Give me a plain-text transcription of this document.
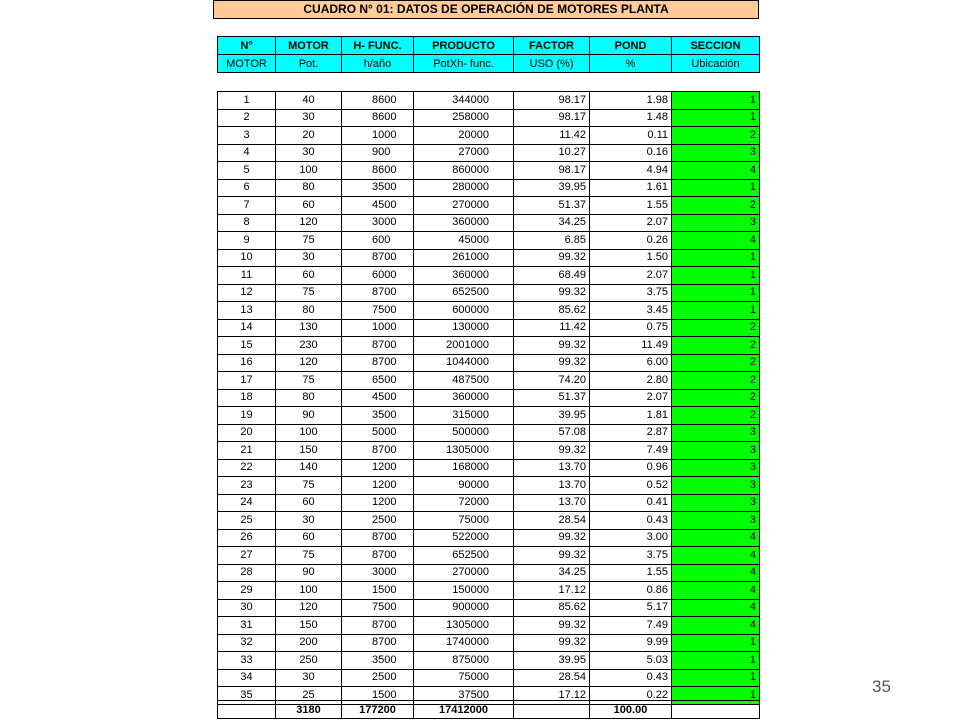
CUADRO N° 01: DATOS DE OPERACIÓN DE MOTORES PLANTA
N°	MOTOR	H- FUNC.	PRODUCTO	FACTOR	POND	SECCION
MOTOR	Pot.	h/año	PotXh- func.	USO (%)	%	Ubicación
1	40	8600	344000	98.17	1.98	1
2	30	8600	258000	98.17	1.48	1
3	20	1000	20000	11.42	0.11	2
4	30	900	27000	10.27	0.16	3
5	100	8600	860000	98.17	4.94	4
6	80	3500	280000	39.95	1.61	1
7	60	4500	270000	51.37	1.55	2
8	120	3000	360000	34.25	2.07	3
9	75	600	45000	6.85	0.26	4
10	30	8700	261000	99.32	1.50	1
11	60	6000	360000	68.49	2.07	1
12	75	8700	652500	99.32	3.75	1
13	80	7500	600000	85.62	3.45	1
14	130	1000	130000	11.42	0.75	2
15	230	8700	2001000	99.32	11.49	2
16	120	8700	1044000	99.32	6.00	2
17	75	6500	487500	74.20	2.80	2
18	80	4500	360000	51.37	2.07	2
19	90	3500	315000	39.95	1.81	2
20	100	5000	500000	57.08	2.87	3
21	150	8700	1305000	99.32	7.49	3
22	140	1200	168000	13.70	0.96	3
23	75	1200	90000	13.70	0.52	3
24	60	1200	72000	13.70	0.41	3
25	30	2500	75000	28.54	0.43	3
26	60	8700	522000	99.32	3.00	4
27	75	8700	652500	99.32	3.75	4
28	90	3000	270000	34.25	1.55	4
29	100	1500	150000	17.12	0.86	4
30	120	7500	900000	85.62	5.17	4
31	150	8700	1305000	99.32	7.49	4
32	200	8700	1740000	99.32	9.99	1
33	250	3500	875000	39.95	5.03	1
34	30	2500	75000	28.54	0.43	1
35	25	1500	37500	17.12	0.22	1
	3180	177200	17412000		100.00	
35
